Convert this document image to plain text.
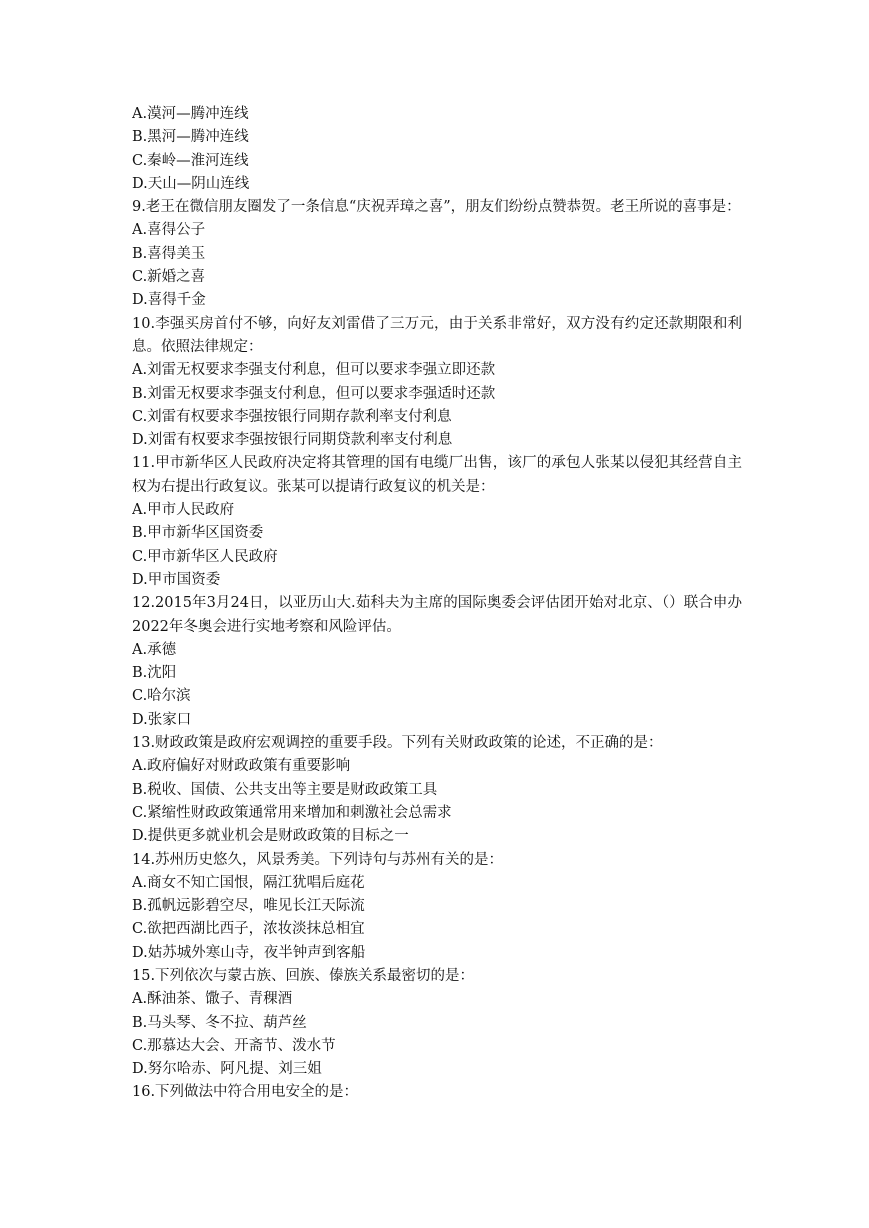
A.漠河—腾冲连线
B.黑河—腾冲连线
C.秦岭—淮河连线
D.天山—阴山连线
9.老王在微信朋友圈发了一条信息“庆祝弄璋之喜”，朋友们纷纷点赞恭贺。老王所说的喜事是：
A.喜得公子
B.喜得美玉
C.新婚之喜
D.喜得千金
10.李强买房首付不够，向好友刘雷借了三万元，由于关系非常好，双方没有约定还款期限和利息。依照法律规定：
A.刘雷无权要求李强支付利息，但可以要求李强立即还款
B.刘雷无权要求李强支付利息，但可以要求李强适时还款
C.刘雷有权要求李强按银行同期存款利率支付利息
D.刘雷有权要求李强按银行同期贷款利率支付利息
11.甲市新华区人民政府决定将其管理的国有电缆厂出售，该厂的承包人张某以侵犯其经营自主权为右提出行政复议。张某可以提请行政复议的机关是：
A.甲市人民政府
B.甲市新华区国资委
C.甲市新华区人民政府
D.甲市国资委
12.2015年3月24日，以亚历山大.茹科夫为主席的国际奥委会评估团开始对北京、（）联合申办2022年冬奥会进行实地考察和风险评估。
A.承德
B.沈阳
C.哈尔滨
D.张家口
13.财政政策是政府宏观调控的重要手段。下列有关财政政策的论述，不正确的是：
A.政府偏好对财政政策有重要影响
B.税收、国债、公共支出等主要是财政政策工具
C.紧缩性财政政策通常用来增加和刺激社会总需求
D.提供更多就业机会是财政政策的目标之一
14.苏州历史悠久，风景秀美。下列诗句与苏州有关的是：
A.商女不知亡国恨，隔江犹唱后庭花
B.孤帆远影碧空尽，唯见长江天际流
C.欲把西湖比西子，浓妆淡抹总相宜
D.姑苏城外寒山寺，夜半钟声到客船
15.下列依次与蒙古族、回族、傣族关系最密切的是：
A.酥油茶、馓子、青稞酒
B.马头琴、冬不拉、葫芦丝
C.那慕达大会、开斋节、泼水节
D.努尔哈赤、阿凡提、刘三姐
16.下列做法中符合用电安全的是：
